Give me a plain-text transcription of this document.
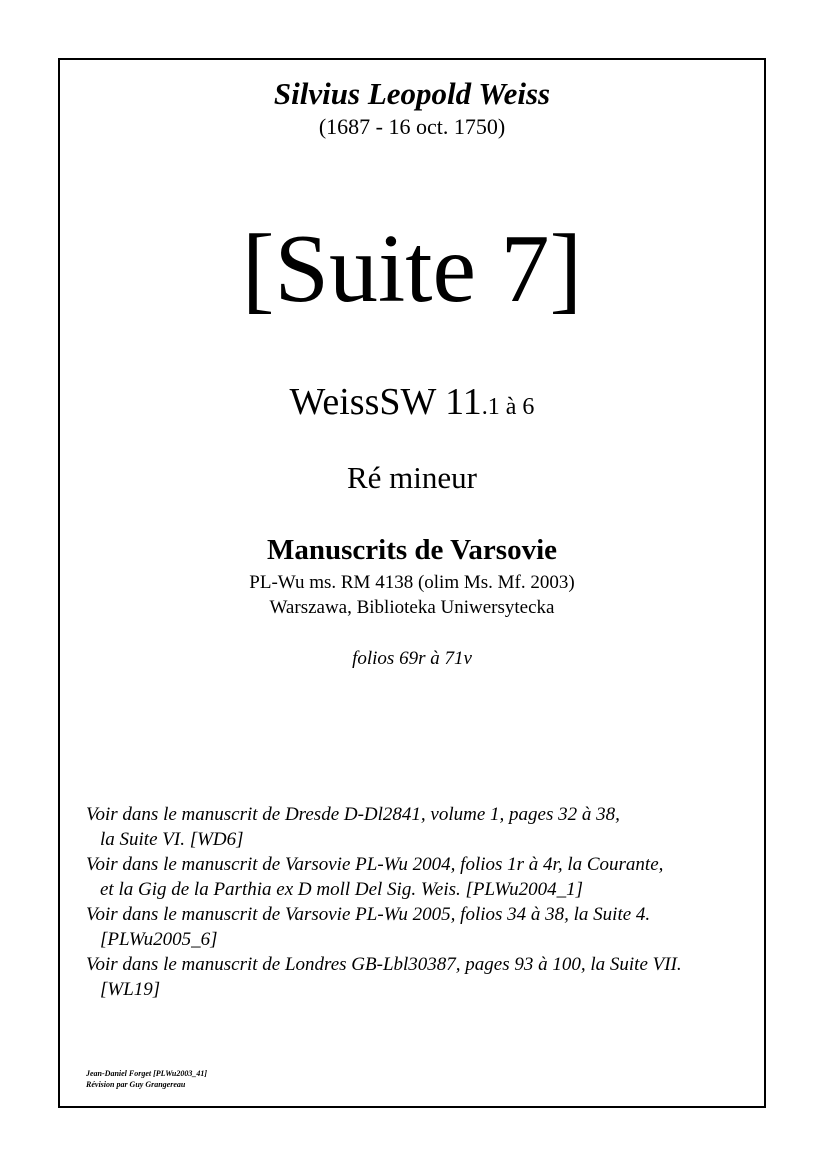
Silvius Leopold Weiss
(1687 - 16 oct. 1750)
[Suite 7]
WeissSW 11.1 à 6
Ré mineur
Manuscrits de Varsovie
PL-Wu ms. RM 4138 (olim Ms. Mf. 2003)
Warszawa, Biblioteka Uniwersytecka
folios 69r à 71v

Voir dans le manuscrit de Dresde D-Dl2841, volume 1, pages 32 à 38,
la Suite VI. [WD6]

Voir dans le manuscrit de Varsovie PL-Wu 2004, folios 1r à 4r, la Courante,
et la Gig de la Parthia ex D moll Del Sig. Weis. [PLWu2004_1]

Voir dans le manuscrit de Varsovie PL-Wu 2005, folios 34 à 38, la Suite 4.
[PLWu2005_6]

Voir dans le manuscrit de Londres GB-Lbl30387, pages 93 à 100, la Suite VII.
[WL19]

Jean-Daniel Forget [PLWu2003_41]
Révision par Guy Grangereau
